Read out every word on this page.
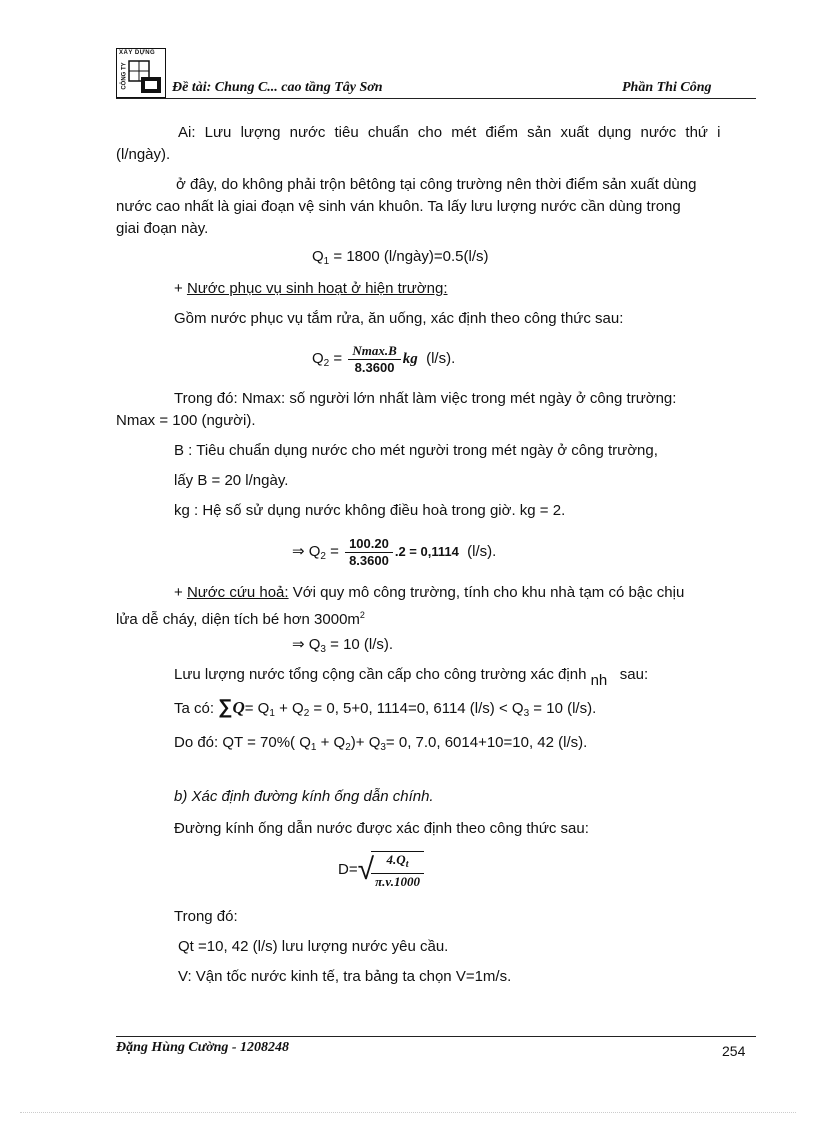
XÂY DỰNG
CÔNG TY	Đề tài: Chung C... cao tầng Tây Sơn	Phần Thi Công
Ai: Lưu lượng nước tiêu chuẩn cho mét điểm sản xuất dụng nước thứ i
(l/ngày).
ở đây, do không phải trộn bêtông tại công trường nên thời điểm sản xuất dùng
nước cao nhất là giai đoạn vệ sinh ván khuôn. Ta lấy lưu lượng nước cần dùng trong
giai đoạn này.
$Q_1 = 1800$ (l/ngày)=0.5(l/s)
+ Nước phục vụ sinh hoạt ở hiện trường:
Gồm nước phục vụ tắm rửa, ăn uống, xác định theo công thức sau:
$Q_2 = \frac{Nmax.B}{8.3600}$ kg (l/s).
Trong đó: Nmax: số người lớn nhất làm việc trong mét ngày ở công trường:
Nmax = 100 (người).
B : Tiêu chuẩn dụng nước cho mét người trong mét ngày ở công trường,
lấy B = 20 l/ngày.
kg : Hệ số sử dụng nước không điều hoà trong giờ. kg = 2.
⇒ $Q_2 = \frac{100.20}{8.3600} .2 = 0,1114$ (l/s).
+ Nước cứu hoả: Với quy mô công trường, tính cho khu nhà tạm có bậc chịu
lửa dễ cháy, diện tích bé hơn $3000m^2$
⇒ $Q_3 = 10$ (l/s).
Lưu lượng nước tổng cộng cần cấp cho công trường xác định nh sau:
Ta có: $\sum Q= Q_1 + Q_2 = 0$, 5+0, 1114=0, 6114 $(l/s) < Q_3 = 10$ (l/s).
Do đó: QT = 70%( $Q_1 + Q_2)+ Q_3= 0$, 7.0, 6014+10=10, 42 (l/s).
b) Xác định đường kính ống dẫn chính.
Đường kính ống dẫn nước được xác định theo công thức sau:
D=√
$\frac{4.Q_t}{\pi.v.1000}$
Trong đó:
Qt =10, 42 (l/s) lưu lượng nước yêu cầu.
V: Vận tốc nước kinh tế, tra bảng ta chọn V=1m/s.
Đặng Hùng Cường - 1208248	254
